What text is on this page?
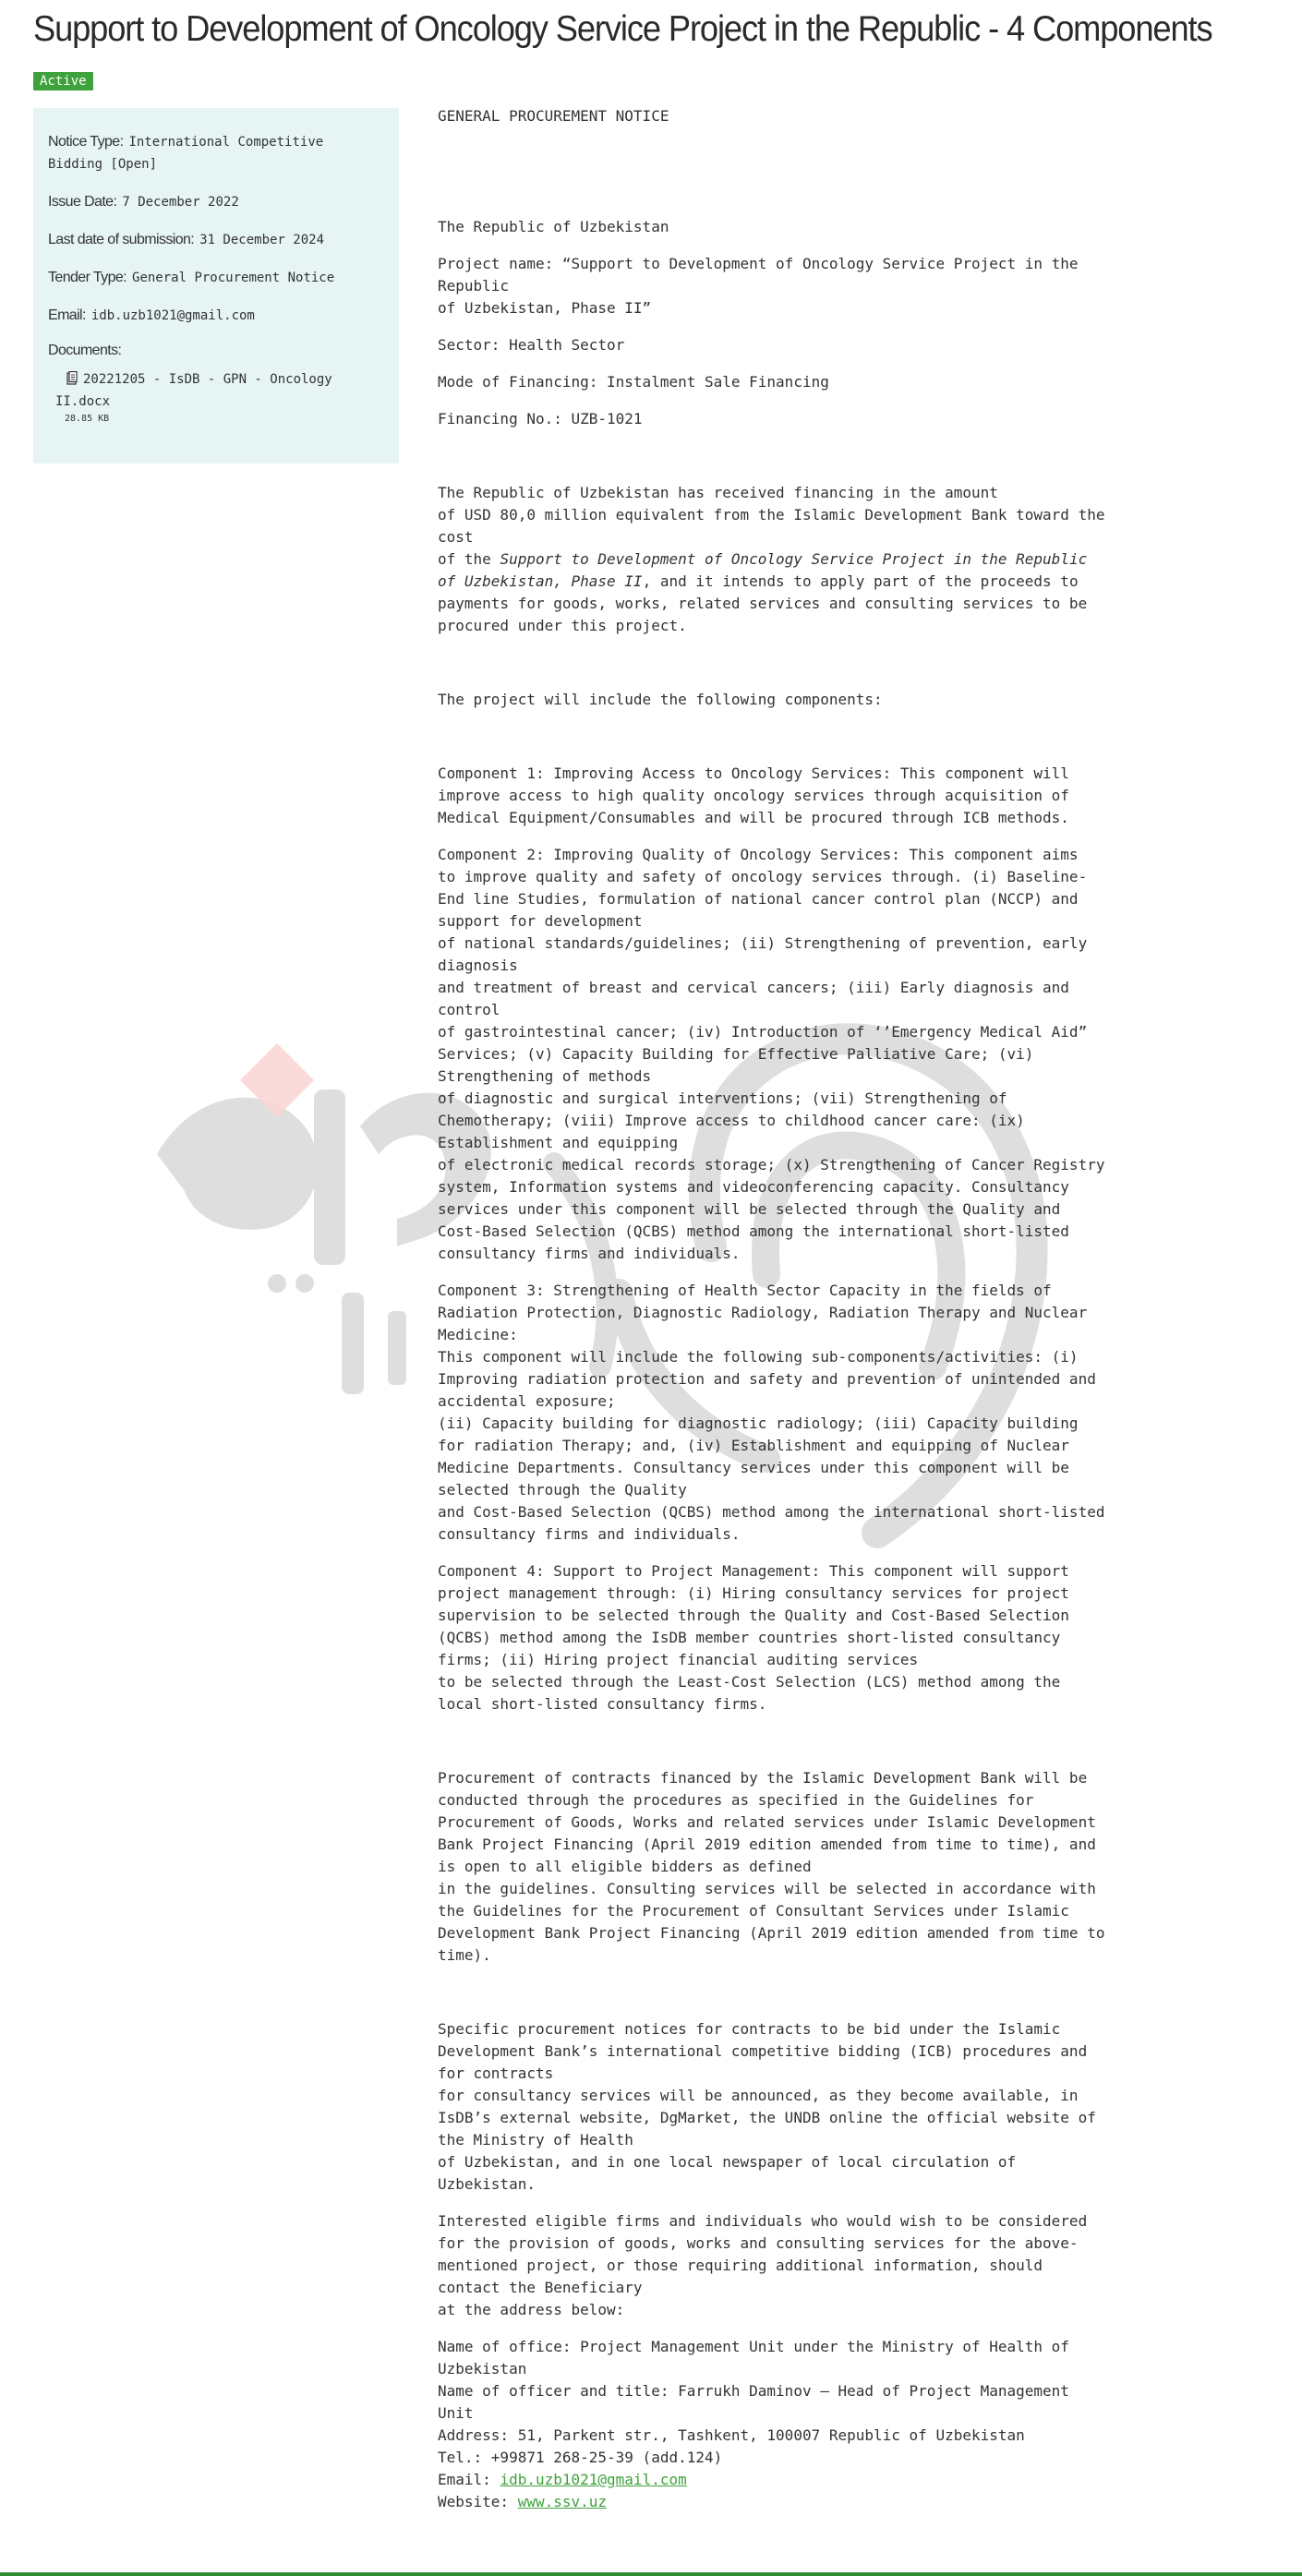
Support to Development of Oncology Service Project in the Republic - 4 Components
Active
Notice Type: International Competitive
Bidding [Open]
Issue Date: 7 December 2022
Last date of submission: 31 December 2024
Tender Type: General Procurement Notice
Email: idb.uzb1021@gmail.com
Documents:
20221205 - IsDB - GPN - Oncology
II.docx
28.85 KB

GENERAL PROCUREMENT NOTICE

The Republic of Uzbekistan

Project name: “Support to Development of Oncology Service Project in the Republic
of Uzbekistan, Phase II”

Sector: Health Sector

Mode of Financing: Instalment Sale Financing

Financing No.: UZB-1021

The Republic of Uzbekistan has received financing in the amount
of USD 80,0 million equivalent from the Islamic Development Bank toward the
cost
of the Support to Development of Oncology Service Project in the Republic
of Uzbekistan, Phase II, and it intends to apply part of the proceeds to
payments for goods, works, related services and consulting services to be
procured under this project.

The project will include the following components:

Component 1: Improving Access to Oncology Services: This component will
improve access to high quality oncology services through acquisition of
Medical Equipment/Consumables and will be procured through ICB methods.

Component 2: Improving Quality of Oncology Services: This component aims
to improve quality and safety of oncology services through. (i) Baseline-
End line Studies, formulation of national cancer control plan (NCCP) and
support for development
of national standards/guidelines; (ii) Strengthening of prevention, early
diagnosis
and treatment of breast and cervical cancers; (iii) Early diagnosis and
control
of gastrointestinal cancer; (iv) Introduction of ‘’Emergency Medical Aid”
Services; (v) Capacity Building for Effective Palliative Care; (vi)
Strengthening of methods
of diagnostic and surgical interventions; (vii) Strengthening of
Chemotherapy; (viii) Improve access to childhood cancer care: (ix)
Establishment and equipping
of electronic medical records storage; (x) Strengthening of Cancer Registry
system, Information systems and videoconferencing capacity. Consultancy
services under this component will be selected through the Quality and
Cost-Based Selection (QCBS) method among the international short-listed
consultancy firms and individuals.

Component 3: Strengthening of Health Sector Capacity in the fields of
Radiation Protection, Diagnostic Radiology, Radiation Therapy and Nuclear
Medicine:
This component will include the following sub-components/activities: (i)
Improving radiation protection and safety and prevention of unintended and
accidental exposure;
(ii) Capacity building for diagnostic radiology; (iii) Capacity building
for radiation Therapy; and, (iv) Establishment and equipping of Nuclear
Medicine Departments. Consultancy services under this component will be
selected through the Quality
and Cost-Based Selection (QCBS) method among the international short-listed
consultancy firms and individuals.

Component 4: Support to Project Management: This component will support
project management through: (i) Hiring consultancy services for project
supervision to be selected through the Quality and Cost-Based Selection
(QCBS) method among the IsDB member countries short-listed consultancy
firms; (ii) Hiring project financial auditing services
to be selected through the Least-Cost Selection (LCS) method among the
local short-listed consultancy firms.

Procurement of contracts financed by the Islamic Development Bank will be
conducted through the procedures as specified in the Guidelines for
Procurement of Goods, Works and related services under Islamic Development
Bank Project Financing (April 2019 edition amended from time to time), and
is open to all eligible bidders as defined
in the guidelines. Consulting services will be selected in accordance with
the Guidelines for the Procurement of Consultant Services under Islamic
Development Bank Project Financing (April 2019 edition amended from time to
time).

Specific procurement notices for contracts to be bid under the Islamic
Development Bank’s international competitive bidding (ICB) procedures and
for contracts
for consultancy services will be announced, as they become available, in
IsDB’s external website, DgMarket, the UNDB online the official website of
the Ministry of Health
of Uzbekistan, and in one local newspaper of local circulation of
Uzbekistan.

Interested eligible firms and individuals who would wish to be considered
for the provision of goods, works and consulting services for the above-
mentioned project, or those requiring additional information, should
contact the Beneficiary
at the address below:

Name of office: Project Management Unit under the Ministry of Health of
Uzbekistan

Name of officer and title: Farrukh Daminov – Head of Project Management
Unit

Address: 51, Parkent str., Tashkent, 100007 Republic of Uzbekistan

Tel.: +99871 268-25-39 (add.124)

Email: idb.uzb1021@gmail.com

Website: www.ssv.uz
